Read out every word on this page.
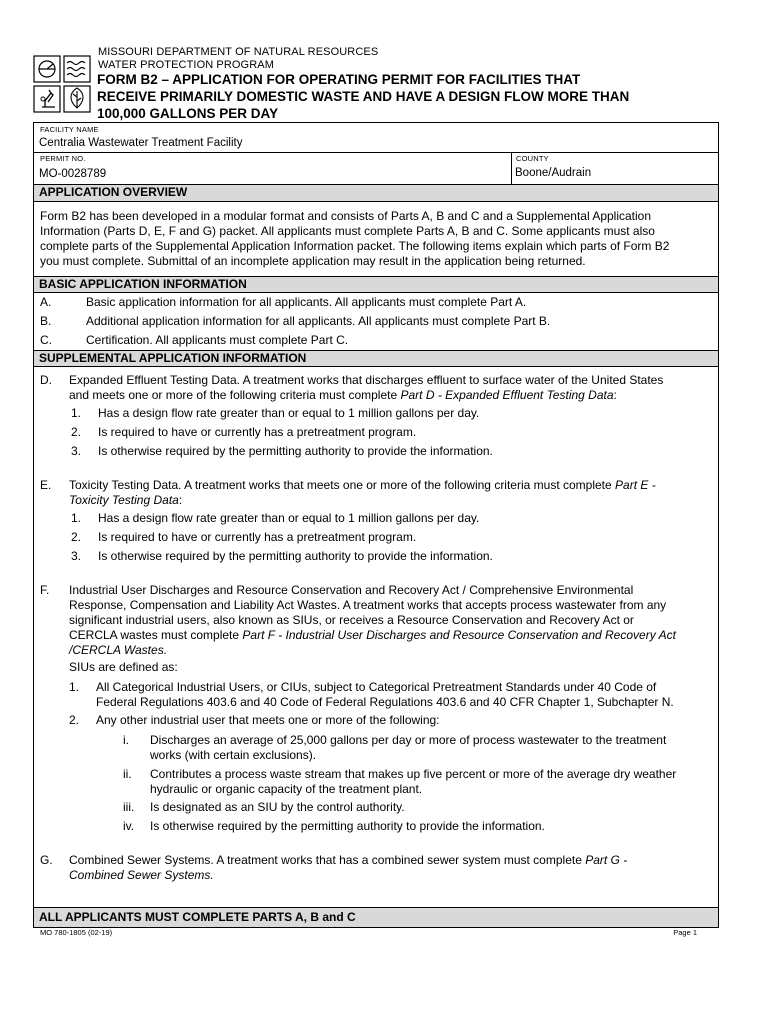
MISSOURI DEPARTMENT OF NATURAL RESOURCES
WATER PROTECTION PROGRAM
FORM B2 – APPLICATION FOR OPERATING PERMIT FOR FACILITIES THAT
RECEIVE PRIMARILY DOMESTIC WASTE AND HAVE A DESIGN FLOW MORE THAN
100,000 GALLONS PER DAY
FACILITY NAME
Centralia Wastewater Treatment Facility
PERMIT NO.
MO-0028789
COUNTY
Boone/Audrain
APPLICATION OVERVIEW
Form B2 has been developed in a modular format and consists of Parts A, B and C and a Supplemental Application
Information (Parts D, E, F and G) packet. All applicants must complete Parts A, B and C. Some applicants must also
complete parts of the Supplemental Application Information packet. The following items explain which parts of Form B2
you must complete. Submittal of an incomplete application may result in the application being returned.
BASIC APPLICATION INFORMATION
A.	Basic application information for all applicants. All applicants must complete Part A.
B.	Additional application information for all applicants. All applicants must complete Part B.
C.	Certification. All applicants must complete Part C.
SUPPLEMENTAL APPLICATION INFORMATION
D. Expanded Effluent Testing Data. A treatment works that discharges effluent to surface water of the United States
and meets one or more of the following criteria must complete Part D - Expanded Effluent Testing Data:
1. Has a design flow rate greater than or equal to 1 million gallons per day.
2. Is required to have or currently has a pretreatment program.
3. Is otherwise required by the permitting authority to provide the information.
E. Toxicity Testing Data. A treatment works that meets one or more of the following criteria must complete Part E -
Toxicity Testing Data:
1. Has a design flow rate greater than or equal to 1 million gallons per day.
2. Is required to have or currently has a pretreatment program.
3. Is otherwise required by the permitting authority to provide the information.
F. Industrial User Discharges and Resource Conservation and Recovery Act / Comprehensive Environmental
Response, Compensation and Liability Act Wastes. A treatment works that accepts process wastewater from any
significant industrial users, also known as SIUs, or receives a Resource Conservation and Recovery Act or
CERCLA wastes must complete Part F - Industrial User Discharges and Resource Conservation and Recovery Act
/CERCLA Wastes.
SIUs are defined as:
1. All Categorical Industrial Users, or CIUs, subject to Categorical Pretreatment Standards under 40 Code of
Federal Regulations 403.6 and 40 Code of Federal Regulations 403.6 and 40 CFR Chapter 1, Subchapter N.
2. Any other industrial user that meets one or more of the following:
i. Discharges an average of 25,000 gallons per day or more of process wastewater to the treatment
works (with certain exclusions).
ii. Contributes a process waste stream that makes up five percent or more of the average dry weather
hydraulic or organic capacity of the treatment plant.
iii. Is designated as an SIU by the control authority.
iv. Is otherwise required by the permitting authority to provide the information.
G. Combined Sewer Systems. A treatment works that has a combined sewer system must complete Part G -
Combined Sewer Systems.
ALL APPLICANTS MUST COMPLETE PARTS A, B and C
MO 780-1805 (02-19)	Page 1
